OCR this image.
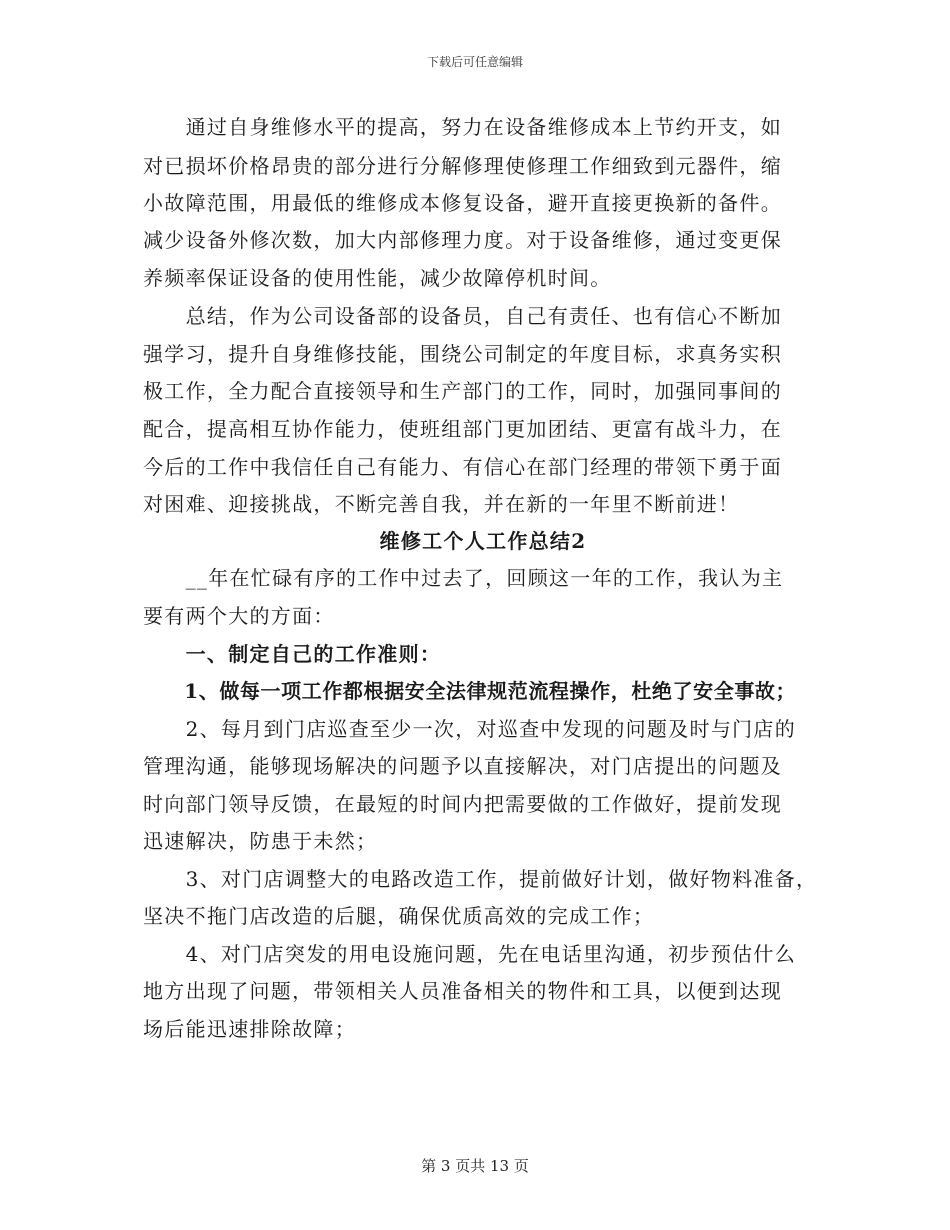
下载后可任意编辑
　　通过自身维修水平的提高，努力在设备维修成本上节约开支，如
对已损坏价格昂贵的部分进行分解修理使修理工作细致到元器件，缩
小故障范围，用最低的维修成本修复设备，避开直接更换新的备件。
减少设备外修次数，加大内部修理力度。对于设备维修，通过变更保
养频率保证设备的使用性能，减少故障停机时间。
　　总结，作为公司设备部的设备员，自己有责任、也有信心不断加
强学习，提升自身维修技能，围绕公司制定的年度目标，求真务实积
极工作，全力配合直接领导和生产部门的工作，同时，加强同事间的
配合，提高相互协作能力，使班组部门更加团结、更富有战斗力，在
今后的工作中我信任自己有能力、有信心在部门经理的带领下勇于面
对困难、迎接挑战，不断完善自我，并在新的一年里不断前进！
维修工个人工作总结2
　　__年在忙碌有序的工作中过去了，回顾这一年的工作，我认为主
要有两个大的方面：
　　一、制定自己的工作准则：
　　1、做每一项工作都根据安全法律规范流程操作，杜绝了安全事故；
　　2、每月到门店巡查至少一次，对巡查中发现的问题及时与门店的
管理沟通，能够现场解决的问题予以直接解决，对门店提出的问题及
时向部门领导反馈，在最短的时间内把需要做的工作做好，提前发现
迅速解决，防患于未然；
　　3、对门店调整大的电路改造工作，提前做好计划，做好物料准备，
坚决不拖门店改造的后腿，确保优质高效的完成工作；
　　4、对门店突发的用电设施问题，先在电话里沟通，初步预估什么
地方出现了问题，带领相关人员准备相关的物件和工具，以便到达现
场后能迅速排除故障；
第 3 页共 13 页
